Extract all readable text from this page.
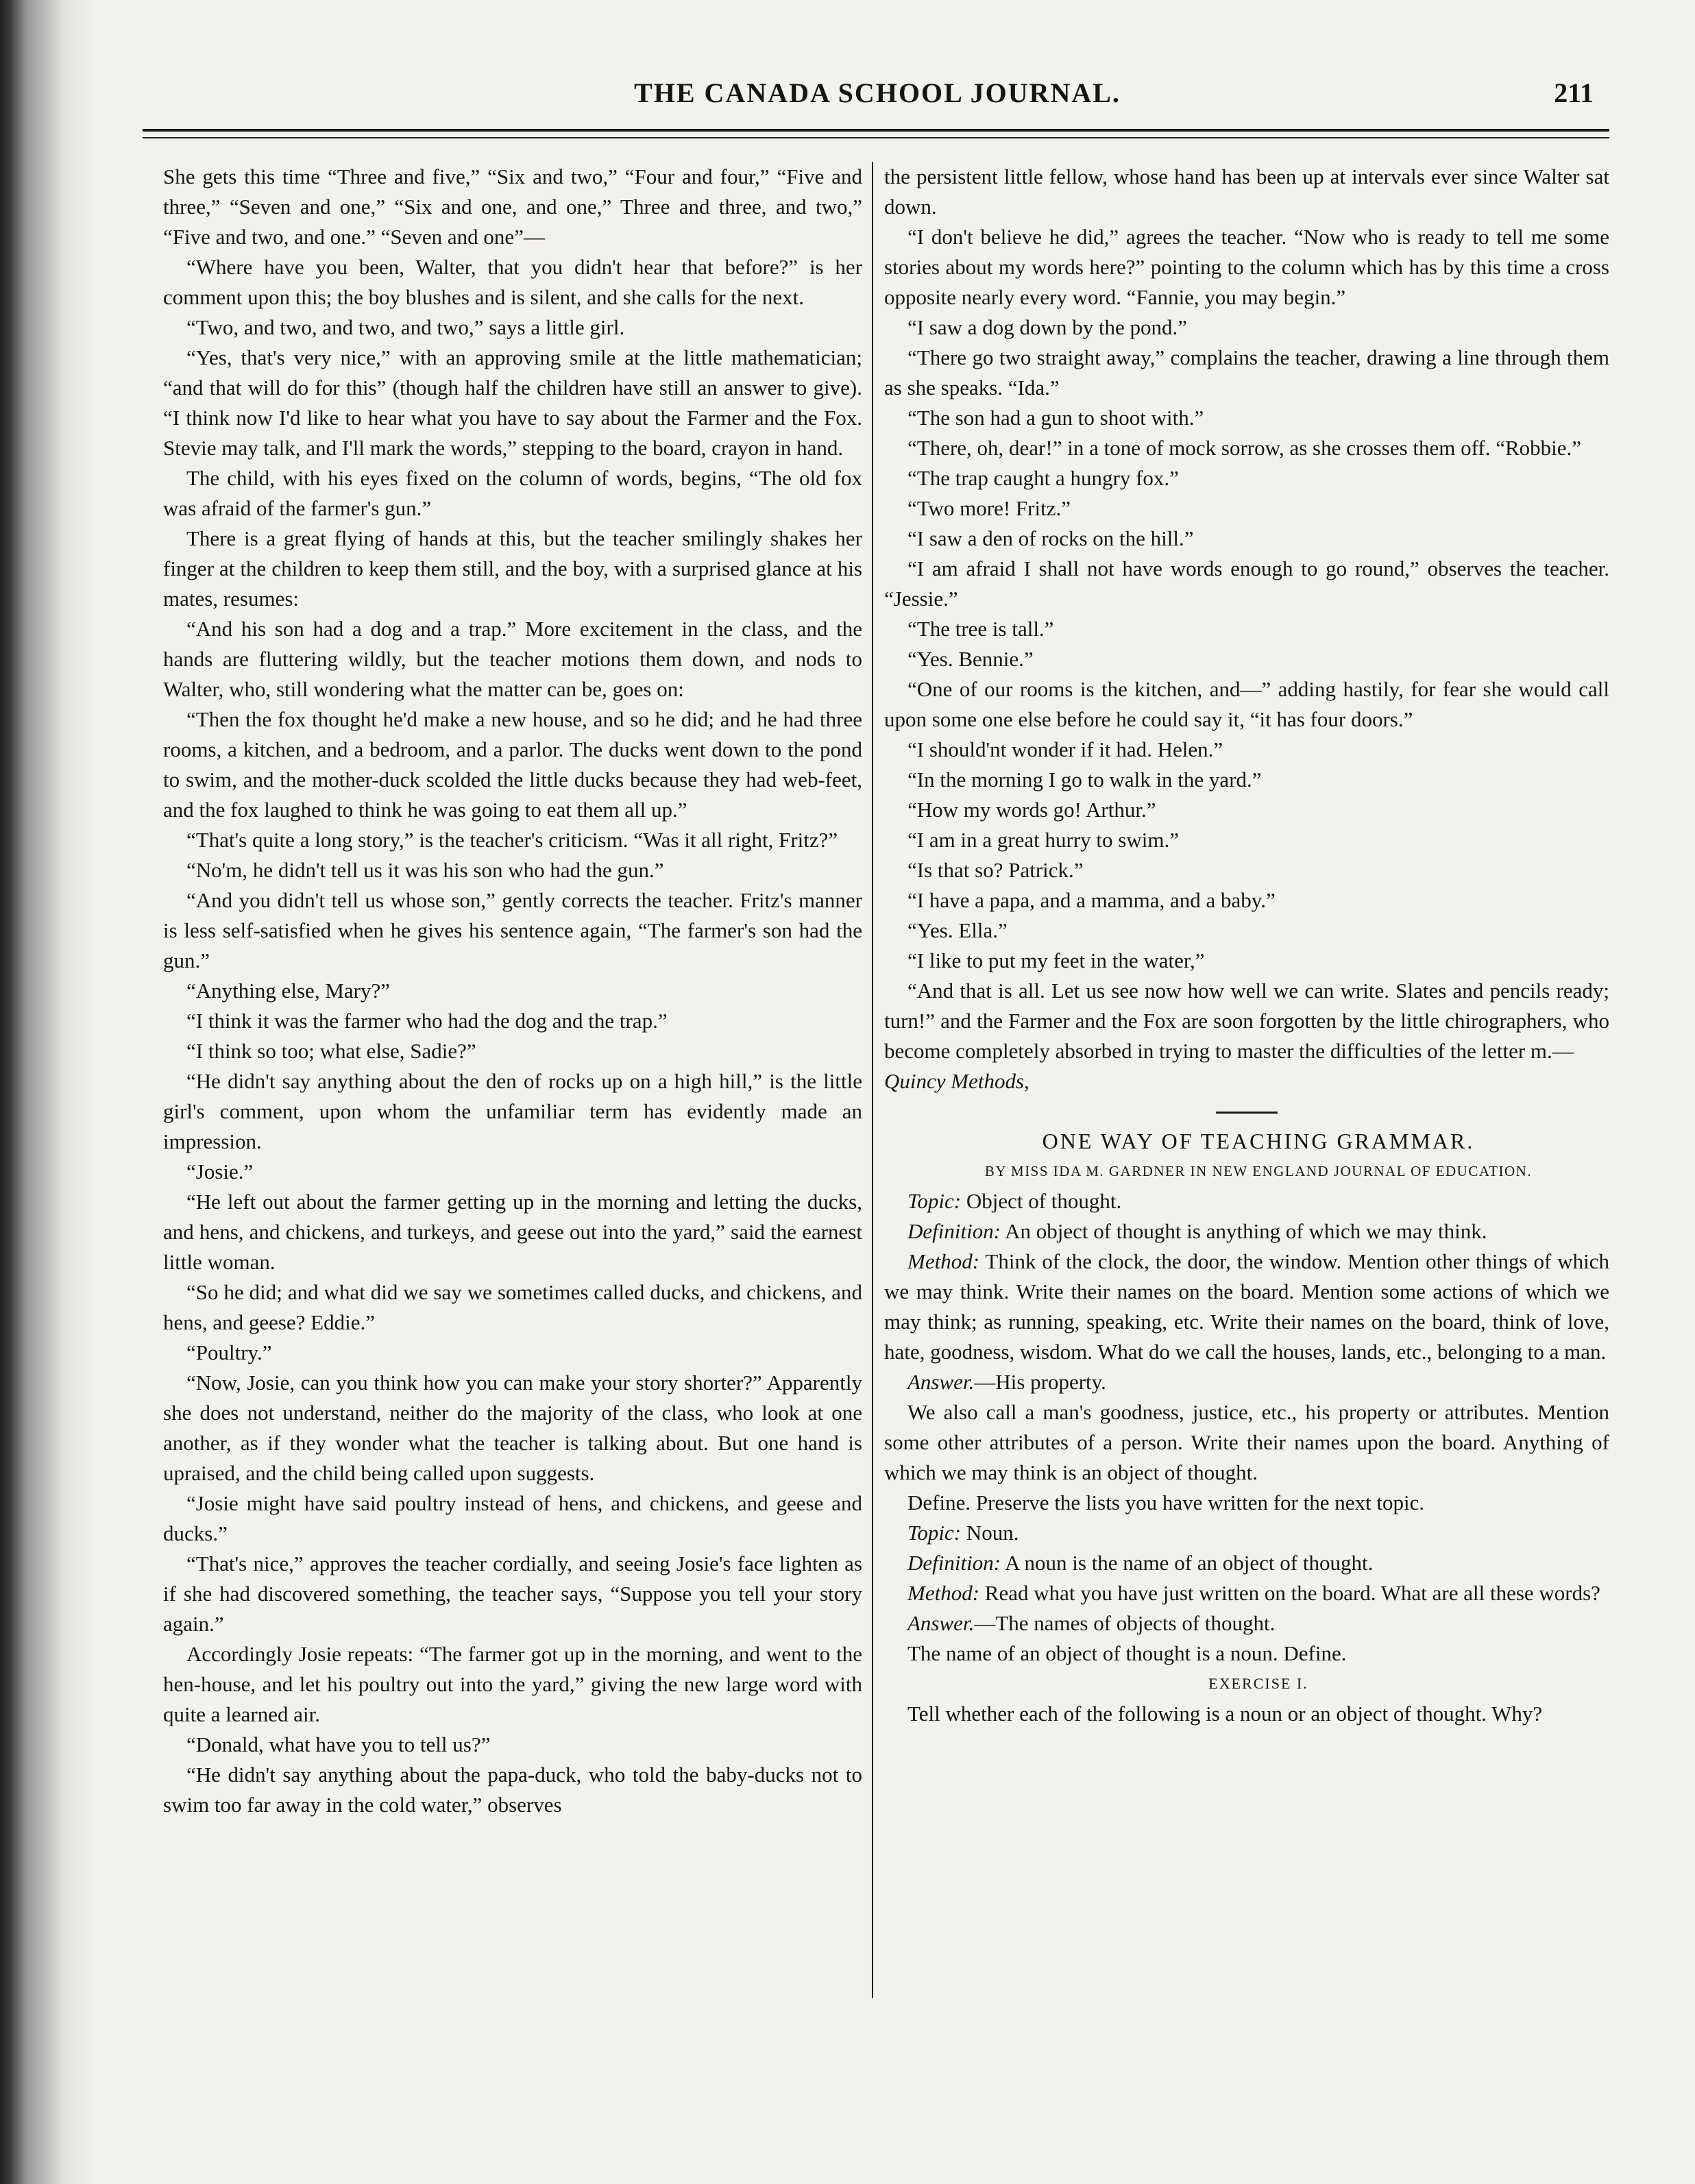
THE CANADA SCHOOL JOURNAL.	211

She gets this time “Three and five,” “Six and two,” “Four and four,” “Five and three,” “Seven and one,” “Six and one, and one,” Three and three, and two,” “Five and two, and one.” “Seven and one”—

“Where have you been, Walter, that you didn't hear that before?” is her comment upon this; the boy blushes and is silent, and she calls for the next.

“Two, and two, and two, and two,” says a little girl.

“Yes, that's very nice,” with an approving smile at the little mathematician; “and that will do for this” (though half the children have still an answer to give). “I think now I'd like to hear what you have to say about the Farmer and the Fox. Stevie may talk, and I'll mark the words,” stepping to the board, crayon in hand.

The child, with his eyes fixed on the column of words, begins, “The old fox was afraid of the farmer's gun.”

There is a great flying of hands at this, but the teacher smilingly shakes her finger at the children to keep them still, and the boy, with a surprised glance at his mates, resumes:

“And his son had a dog and a trap.” More excitement in the class, and the hands are fluttering wildly, but the teacher motions them down, and nods to Walter, who, still wondering what the matter can be, goes on:

“Then the fox thought he'd make a new house, and so he did; and he had three rooms, a kitchen, and a bedroom, and a parlor. The ducks went down to the pond to swim, and the mother-duck scolded the little ducks because they had web-feet, and the fox laughed to think he was going to eat them all up.”

“That's quite a long story,” is the teacher's criticism. “Was it all right, Fritz?”

“No'm, he didn't tell us it was his son who had the gun.”

“And you didn't tell us whose son,” gently corrects the teacher. Fritz's manner is less self-satisfied when he gives his sentence again, “The farmer's son had the gun.”

“Anything else, Mary?”

“I think it was the farmer who had the dog and the trap.”

“I think so too; what else, Sadie?”

“He didn't say anything about the den of rocks up on a high hill,” is the little girl's comment, upon whom the unfamiliar term has evidently made an impression.

“Josie.”

“He left out about the farmer getting up in the morning and letting the ducks, and hens, and chickens, and turkeys, and geese out into the yard,” said the earnest little woman.

“So he did; and what did we say we sometimes called ducks, and chickens, and hens, and geese? Eddie.”

“Poultry.”

“Now, Josie, can you think how you can make your story shorter?” Apparently she does not understand, neither do the majority of the class, who look at one another, as if they wonder what the teacher is talking about. But one hand is upraised, and the child being called upon suggests.

“Josie might have said poultry instead of hens, and chickens, and geese and ducks.”

“That's nice,” approves the teacher cordially, and seeing Josie's face lighten as if she had discovered something, the teacher says, “Suppose you tell your story again.”

Accordingly Josie repeats: “The farmer got up in the morning, and went to the hen-house, and let his poultry out into the yard,” giving the new large word with quite a learned air.

“Donald, what have you to tell us?”

“He didn't say anything about the papa-duck, who told the baby-ducks not to swim too far away in the cold water,” observes

the persistent little fellow, whose hand has been up at intervals ever since Walter sat down.

“I don't believe he did,” agrees the teacher. “Now who is ready to tell me some stories about my words here?” pointing to the column which has by this time a cross opposite nearly every word. “Fannie, you may begin.”

“I saw a dog down by the pond.”

“There go two straight away,” complains the teacher, drawing a line through them as she speaks. “Ida.”

“The son had a gun to shoot with.”

“There, oh, dear!” in a tone of mock sorrow, as she crosses them off. “Robbie.”

“The trap caught a hungry fox.”

“Two more! Fritz.”

“I saw a den of rocks on the hill.”

“I am afraid I shall not have words enough to go round,” observes the teacher. “Jessie.”

“The tree is tall.”

“Yes. Bennie.”

“One of our rooms is the kitchen, and—” adding hastily, for fear she would call upon some one else before he could say it, “it has four doors.”

“I should'nt wonder if it had. Helen.”

“In the morning I go to walk in the yard.”

“How my words go! Arthur.”

“I am in a great hurry to swim.”

“Is that so? Patrick.”

“I have a papa, and a mamma, and a baby.”

“Yes. Ella.”

“I like to put my feet in the water,”

“And that is all. Let us see now how well we can write. Slates and pencils ready; turn!” and the Farmer and the Fox are soon forgotten by the little chirographers, who become completely absorbed in trying to master the difficulties of the letter m.—

Quincy Methods,

ONE WAY OF TEACHING GRAMMAR.

BY MISS IDA M. GARDNER IN NEW ENGLAND JOURNAL OF EDUCATION.

Topic: Object of thought.

Definition: An object of thought is anything of which we may think.

Method: Think of the clock, the door, the window. Mention other things of which we may think. Write their names on the board. Mention some actions of which we may think; as running, speaking, etc. Write their names on the board, think of love, hate, goodness, wisdom. What do we call the houses, lands, etc., belonging to a man.

Answer.—His property.

We also call a man's goodness, justice, etc., his property or attributes. Mention some other attributes of a person. Write their names upon the board. Anything of which we may think is an object of thought.

Define. Preserve the lists you have written for the next topic.

Topic: Noun.

Definition: A noun is the name of an object of thought.

Method: Read what you have just written on the board. What are all these words?

Answer.—The names of objects of thought.

The name of an object of thought is a noun. Define.

EXERCISE I.

Tell whether each of the following is a noun or an object of thought. Why?
